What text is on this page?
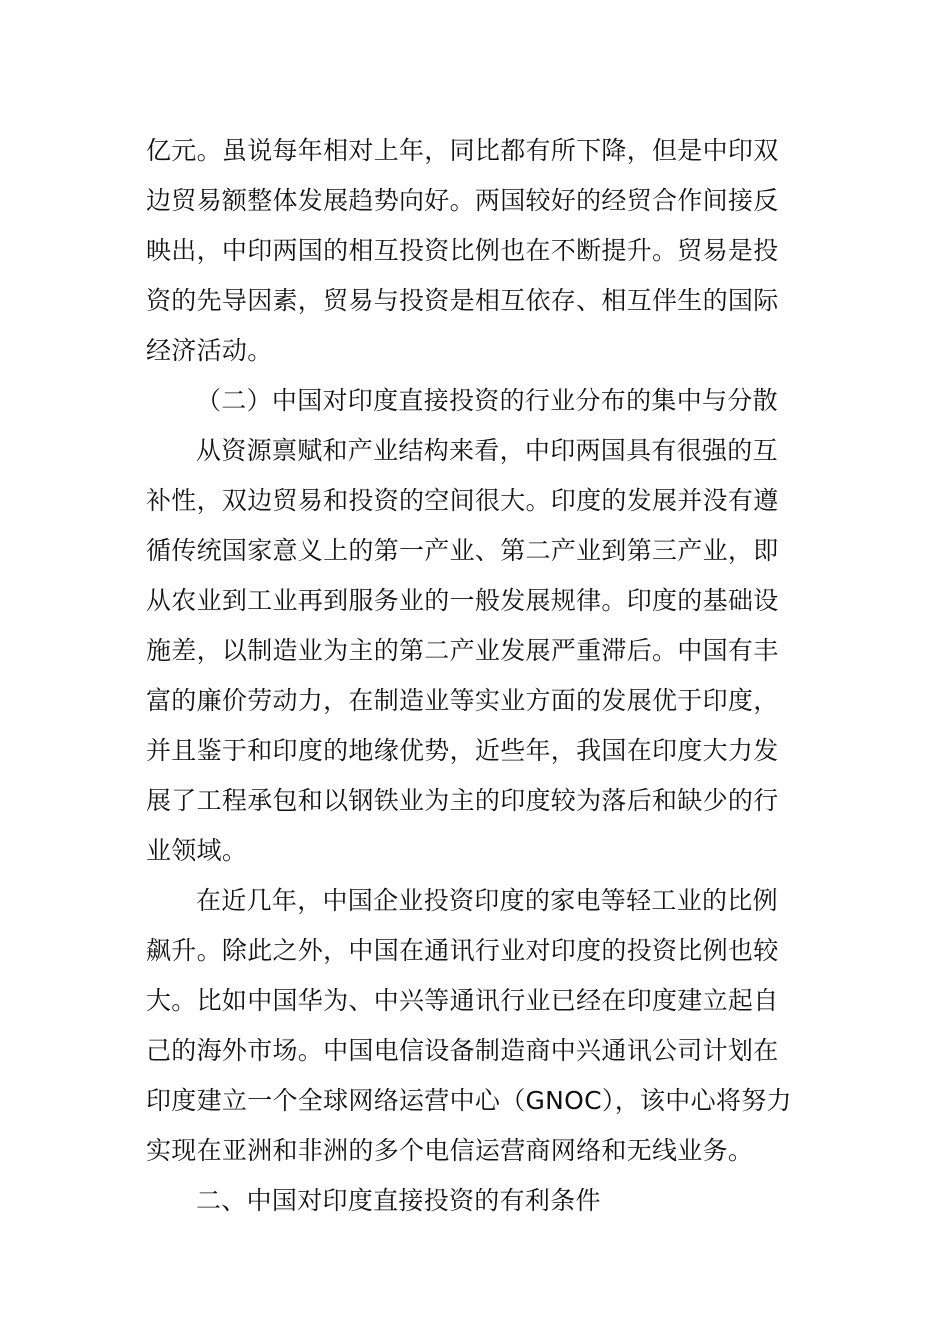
亿元。虽说每年相对上年，同比都有所下降，但是中印双
边贸易额整体发展趋势向好。两国较好的经贸合作间接反
映出，中印两国的相互投资比例也在不断提升。贸易是投
资的先导因素，贸易与投资是相互依存、相互伴生的国际
经济活动。
（二）中国对印度直接投资的行业分布的集中与分散
从资源禀赋和产业结构来看，中印两国具有很强的互
补性，双边贸易和投资的空间很大。印度的发展并没有遵
循传统国家意义上的第一产业、第二产业到第三产业，即
从农业到工业再到服务业的一般发展规律。印度的基础设
施差，以制造业为主的第二产业发展严重滞后。中国有丰
富的廉价劳动力，在制造业等实业方面的发展优于印度，
并且鉴于和印度的地缘优势，近些年，我国在印度大力发
展了工程承包和以钢铁业为主的印度较为落后和缺少的行
业领域。
在近几年，中国企业投资印度的家电等轻工业的比例
飙升。除此之外，中国在通讯行业对印度的投资比例也较
大。比如中国华为、中兴等通讯行业已经在印度建立起自
己的海外市场。中国电信设备制造商中兴通讯公司计划在
印度建立一个全球网络运营中心（GNOC），该中心将努力
实现在亚洲和非洲的多个电信运营商网络和无线业务。
二、中国对印度直接投资的有利条件
